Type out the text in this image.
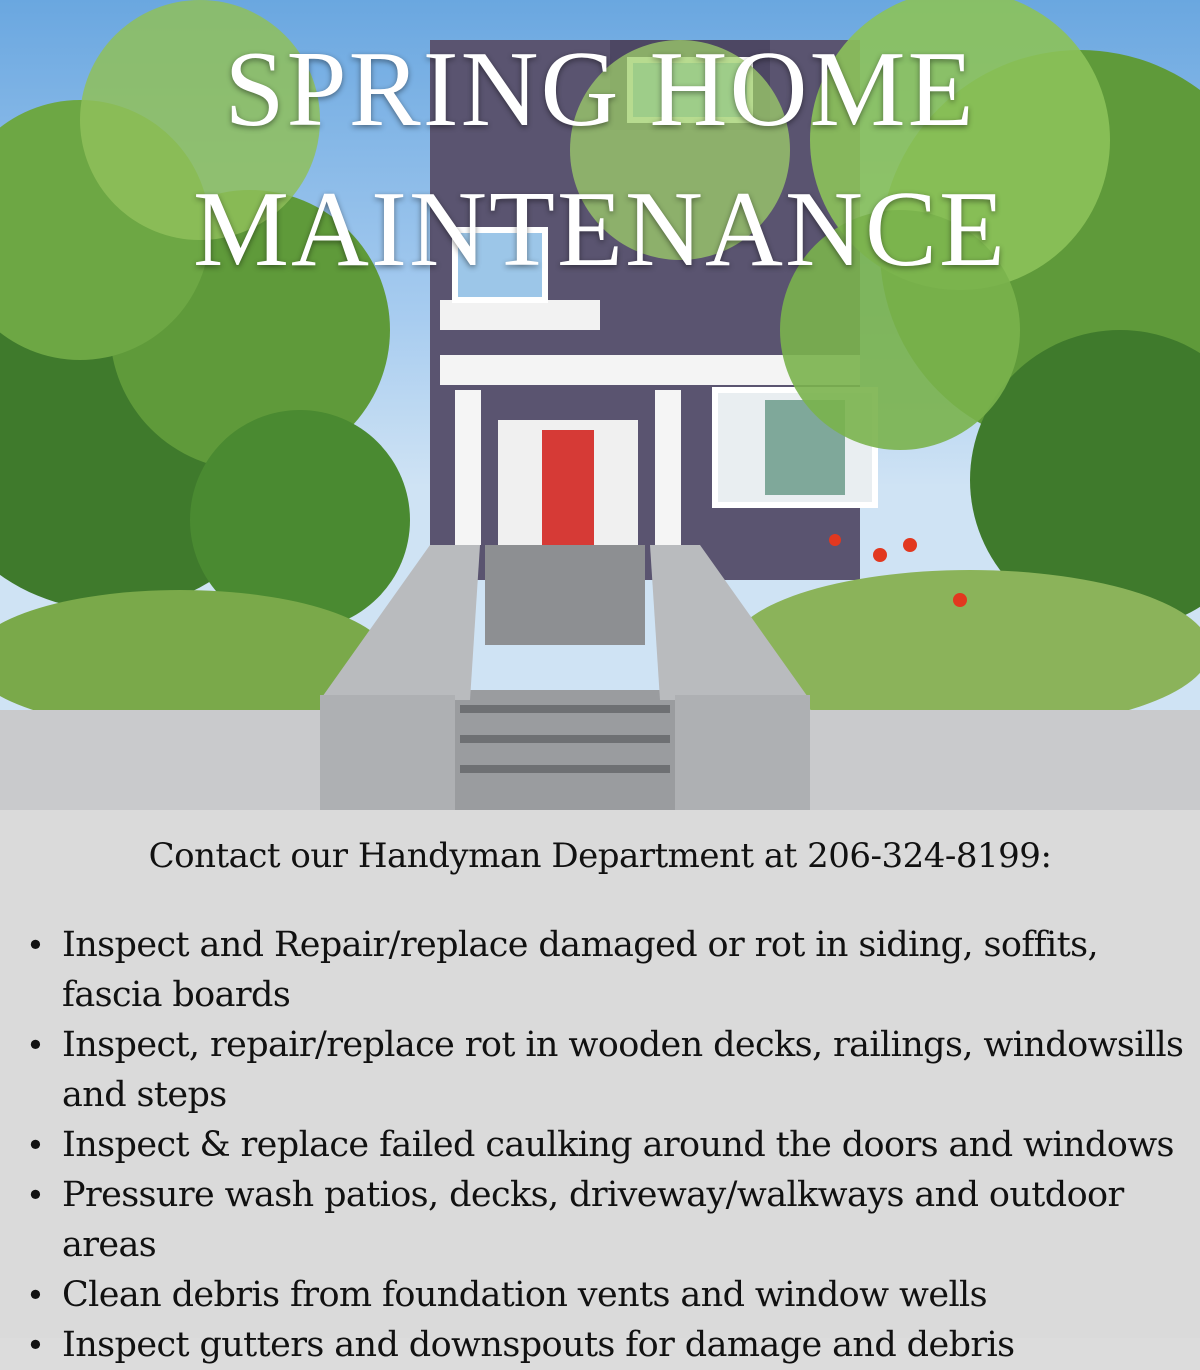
SPRING HOME
MAINTENANCE

Contact our Handyman Department at 206-324-8199:

• Inspect and Repair/replace damaged or rot in siding, soffits, fascia boards
• Inspect, repair/replace rot in wooden decks, railings, windowsills and steps
• Inspect & replace failed caulking around the doors and windows
• Pressure wash patios, decks, driveway/walkways and outdoor areas
• Clean debris from foundation vents and window wells
• Inspect gutters and downspouts for damage and debris
